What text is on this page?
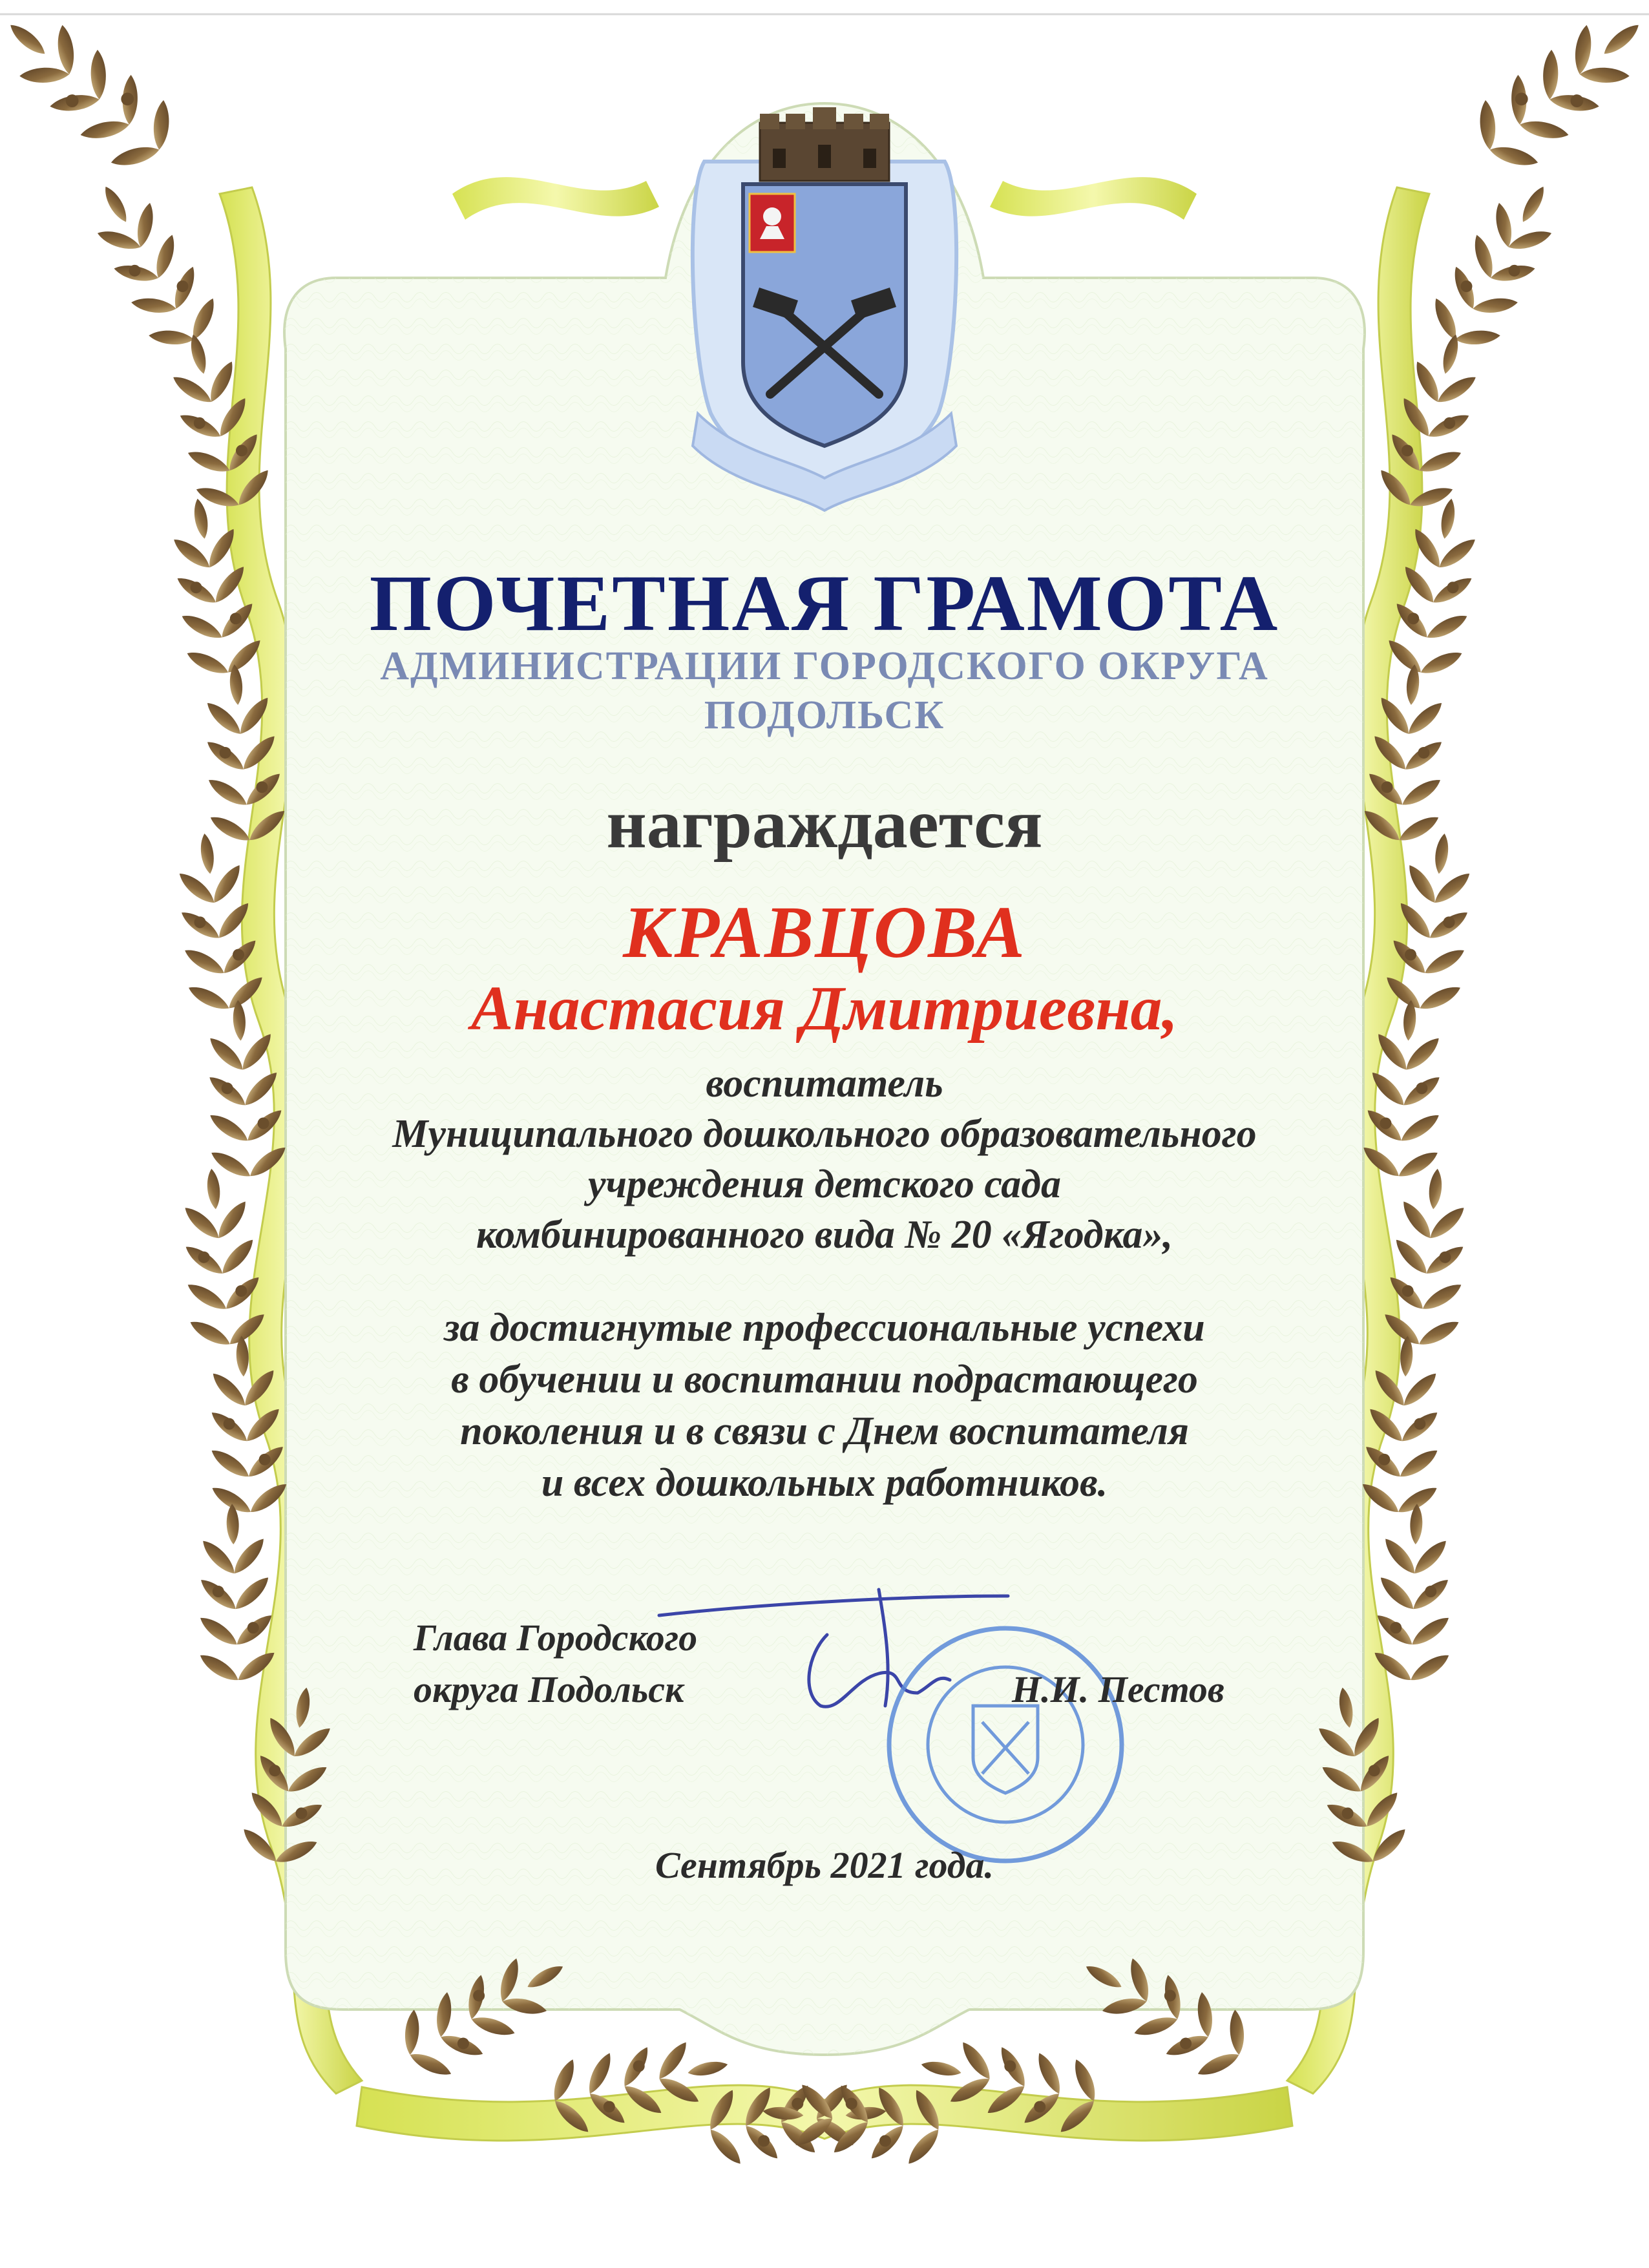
ПОЧЕТНАЯ ГРАМОТА
АДМИНИСТРАЦИИ ГОРОДСКОГО ОКРУГА
ПОДОЛЬСК
награждается
КРАВЦОВА
Анастасия Дмитриевна,
воспитатель
Муниципального дошкольного образовательного
учреждения детского сада
комбинированного вида № 20 «Ягодка»,
за достигнутые профессиональные успехи
в обучении и воспитании подрастающего
поколения и в связи с Днем воспитателя
и всех дошкольных работников.
Глава Городского
округа Подольск	Н.И. Пестов
Сентябрь 2021 года.
